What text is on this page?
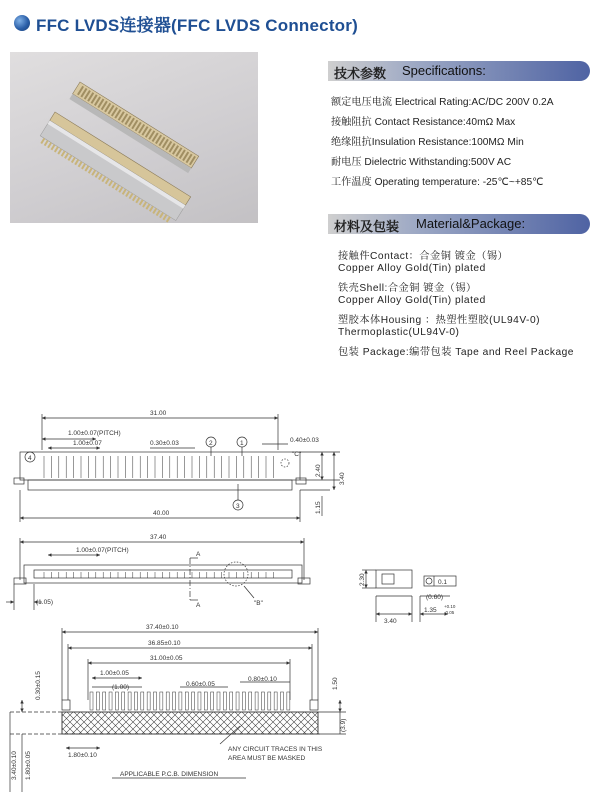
FFC LVDS连接器(FFC LVDS Connector)
技术参数 Specifications:
额定电压电流 Electrical Rating:AC/DC 200V 0.2A
接触阻抗 Contact Resistance:40mΩ Max
绝缘阻抗Insulation Resistance:100MΩ Min
耐电压 Dielectric Withstanding:500V AC
工作温度 Operating temperature: -25℃~+85℃
材料及包装 Material&Package:
接触件Contact：合金铜 镀金（锡）
Copper Alloy Gold(Tin) plated
铁壳Shell:合金铜 镀金（锡）
Copper Alloy Gold(Tin) plated
塑胶本体Housing ：热塑性塑胶(UL94V-0)
Thermoplastic(UL94V-0)
包装 Package:编带包装 Tape and Reel Package
31.00
1.00±0.07(PITCH)
1.00±0.07	0.30±0.03	0.40±0.03
40.00
2.40
3.40
1.15
1
2
3
4
"C"
37.40
1.00±0.07(PITCH)
(1.05)
A
A	"B"
2.30
(0.60)
3.40
1.35
+0.10
-0.05
0.1
37.40±0.10
36.85±0.10
31.00±0.05
1.00±0.05
(1.00)	0.60±0.05
0.80±0.10
0.30±0.15	1.50
(3.9)
3.40±0.10 1.80±0.05	1.80±0.10
ANY CIRCUIT TRACES IN THIS
AREA MUST BE MASKED
APPLICABLE P.C.B. DIMENSION
